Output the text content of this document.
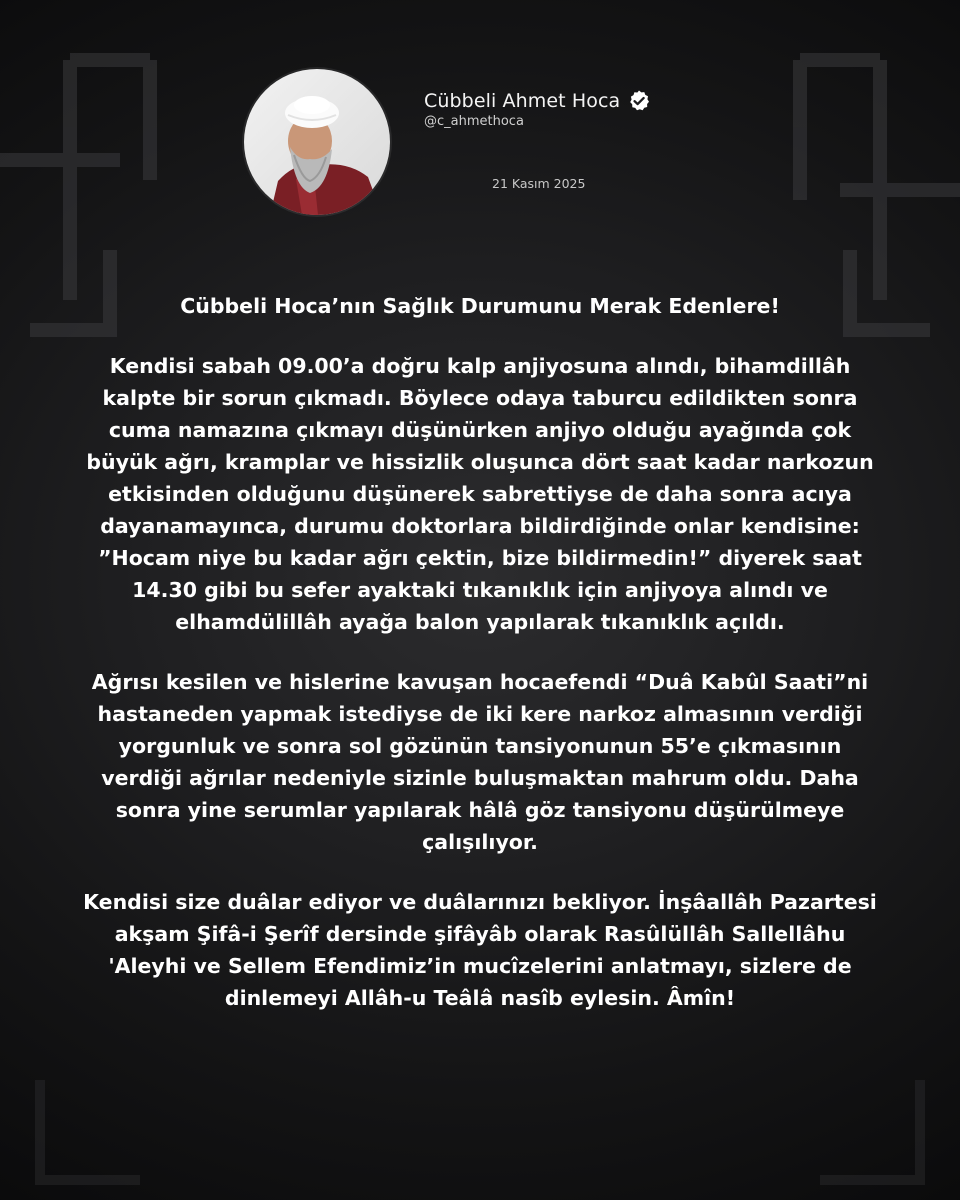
Cübbeli Ahmet Hoca
@c_ahmethoca
21 Kasım 2025
Cübbeli Hoca’nın Sağlık Durumunu Merak Edenlere!

Kendisi sabah 09.00’a doğru kalp anjiyosuna alındı, bihamdillâh
kalpte bir sorun çıkmadı. Böylece odaya taburcu edildikten sonra
cuma namazına çıkmayı düşünürken anjiyo olduğu ayağında çok
büyük ağrı, kramplar ve hissizlik oluşunca dört saat kadar narkozun
etkisinden olduğunu düşünerek sabrettiyse de daha sonra acıya
dayanamayınca, durumu doktorlara bildirdiğinde onlar kendisine:
”Hocam niye bu kadar ağrı çektin, bize bildirmedin!” diyerek saat
14.30 gibi bu sefer ayaktaki tıkanıklık için anjiyoya alındı ve
elhamdülillâh ayağa balon yapılarak tıkanıklık açıldı.

Ağrısı kesilen ve hislerine kavuşan hocaefendi “Duâ Kabûl Saati”ni
hastaneden yapmak istediyse de iki kere narkoz almasının verdiği
yorgunluk ve sonra sol gözünün tansiyonunun 55’e çıkmasının
verdiği ağrılar nedeniyle sizinle buluşmaktan mahrum oldu. Daha
sonra yine serumlar yapılarak hâlâ göz tansiyonu düşürülmeye
çalışılıyor.

Kendisi size duâlar ediyor ve duâlarınızı bekliyor. İnşâallâh Pazartesi
akşam Şifâ-i Şerîf dersinde şifâyâb olarak Rasûlüllâh Sallellâhu
'Aleyhi ve Sellem Efendimiz’in mucîzelerini anlatmayı, sizlere de
dinlemeyi Allâh-u Teâlâ nasîb eylesin. Âmîn!
